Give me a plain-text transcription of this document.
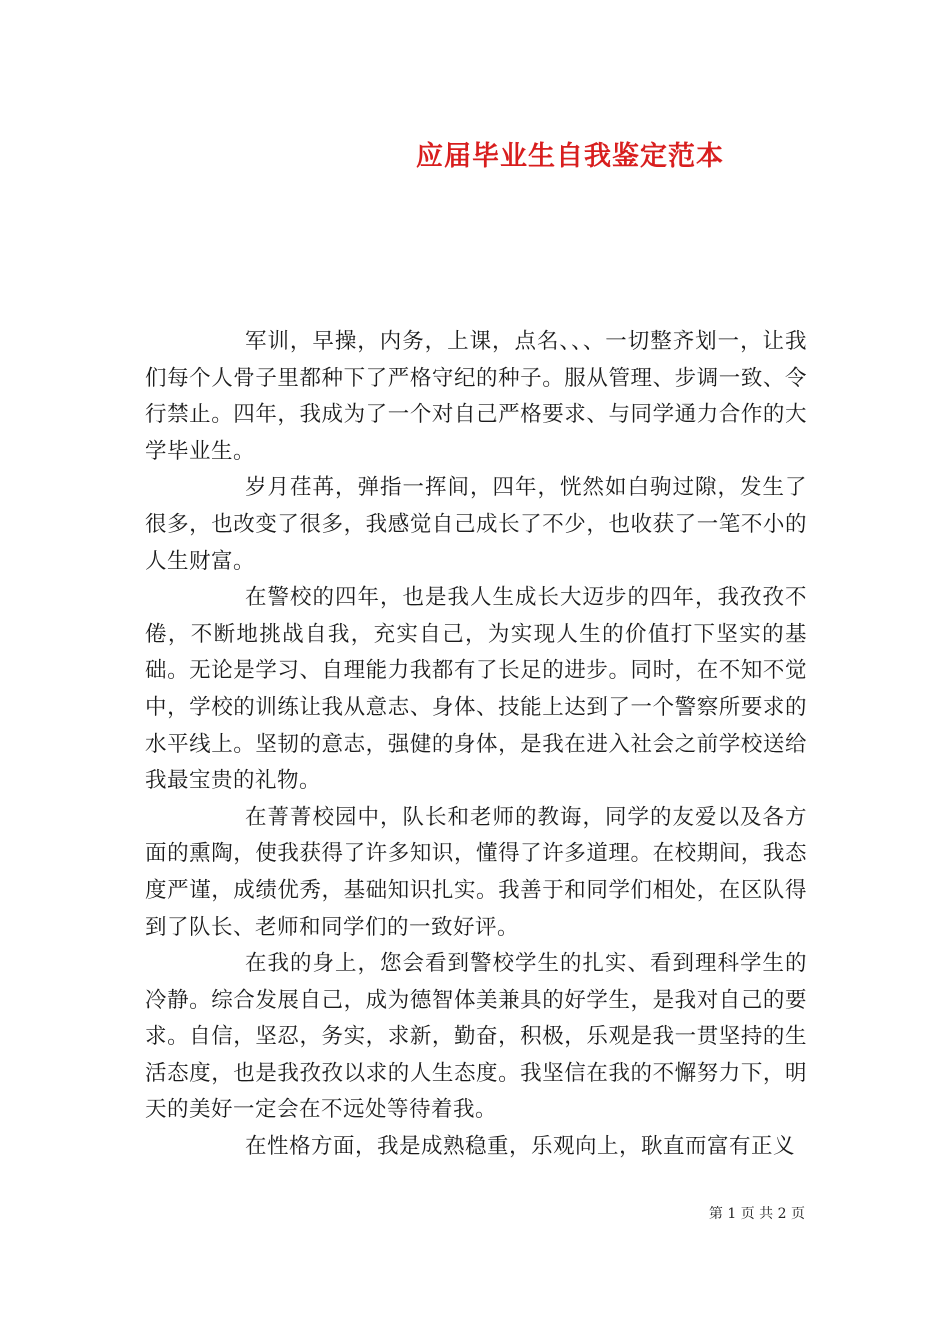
应届毕业生自我鉴定范本

军训，早操，内务，上课，点名、、、一切整齐划一，让我们每个人骨子里都种下了严格守纪的种子。服从管理、步调一致、令行禁止。四年，我成为了一个对自己严格要求、与同学通力合作的大学毕业生。

岁月荏苒，弹指一挥间，四年，恍然如白驹过隙，发生了很多，也改变了很多，我感觉自己成长了不少，也收获了一笔不小的人生财富。

在警校的四年，也是我人生成长大迈步的四年，我孜孜不倦，不断地挑战自我，充实自己，为实现人生的价值打下坚实的基础。无论是学习、自理能力我都有了长足的进步。同时，在不知不觉中，学校的训练让我从意志、身体、技能上达到了一个警察所要求的水平线上。坚韧的意志，强健的身体，是我在进入社会之前学校送给我最宝贵的礼物。

在菁菁校园中，队长和老师的教诲，同学的友爱以及各方面的熏陶，使我获得了许多知识，懂得了许多道理。在校期间，我态度严谨，成绩优秀，基础知识扎实。我善于和同学们相处，在区队得到了队长、老师和同学们的一致好评。

在我的身上，您会看到警校学生的扎实、看到理科学生的冷静。综合发展自己，成为德智体美兼具的好学生，是我对自己的要求。自信，坚忍，务实，求新，勤奋，积极，乐观是我一贯坚持的生活态度，也是我孜孜以求的人生态度。我坚信在我的不懈努力下，明天的美好一定会在不远处等待着我。

在性格方面，我是成熟稳重，乐观向上，耿直而富有正义

第 1 页 共 2 页
